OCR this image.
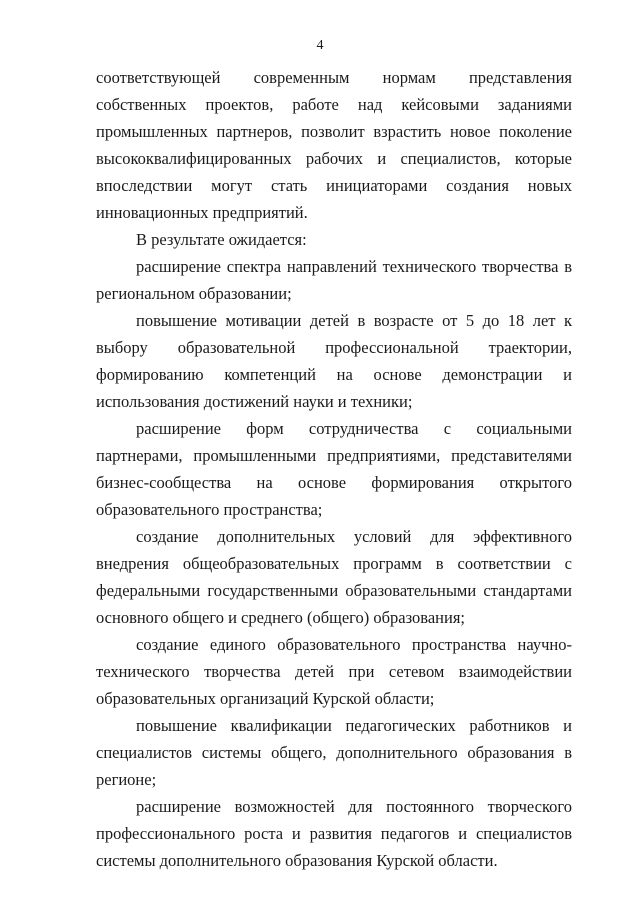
4

соответствующей современным нормам представления собственных проектов, работе над кейсовыми заданиями промышленных партнеров, позволит взрастить новое поколение высококвалифицированных рабочих и специалистов, которые впоследствии могут стать инициаторами создания новых инновационных предприятий.

В результате ожидается:

расширение спектра направлений технического творчества в региональном образовании;

повышение мотивации детей в возрасте от 5 до 18 лет к выбору образовательной профессиональной траектории, формированию компетенций на основе демонстрации и использования достижений науки и техники;

расширение форм сотрудничества с социальными партнерами, промышленными предприятиями, представителями бизнес-сообщества на основе формирования открытого образовательного пространства;

создание дополнительных условий для эффективного внедрения общеобразовательных программ в соответствии с федеральными государственными образовательными стандартами основного общего и среднего (общего) образования;

создание единого образовательного пространства научно-технического творчества детей при сетевом взаимодействии образовательных организаций Курской области;

повышение квалификации педагогических работников и специалистов системы общего, дополнительного образования в регионе;

расширение возможностей для постоянного творческого профессионального роста и развития педагогов и специалистов системы дополнительного образования Курской области.
